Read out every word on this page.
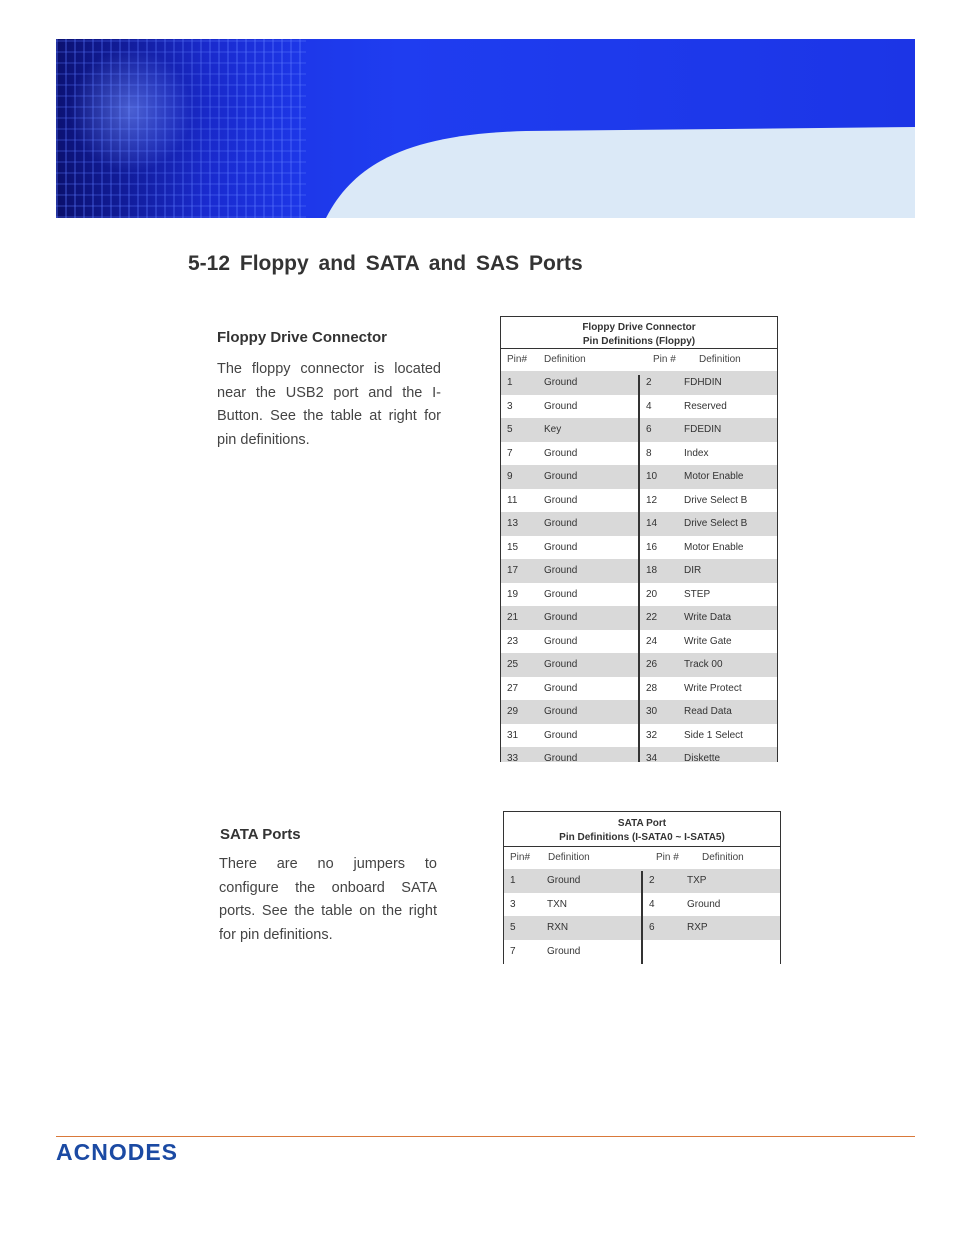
5-12 Floppy and SATA and SAS Ports
Floppy Drive Connector
The floppy connector is located near the USB2 port and the I-Button. See the table at right for pin definitions.
Floppy Drive Connector
Pin Definitions (Floppy)
Pin# Definition	Pin # Definition
1	Ground	2	FDHDIN
3	Ground	4	Reserved
5	Key	6	FDEDIN
7	Ground	8	Index
9	Ground	10	Motor Enable
11	Ground	12	Drive Select B
13	Ground	14	Drive Select B
15	Ground	16	Motor Enable
17	Ground	18	DIR
19	Ground	20	STEP
21	Ground	22	Write Data
23	Ground	24	Write Gate
25	Ground	26	Track 00
27	Ground	28	Write Protect
29	Ground	30	Read Data
31	Ground	32	Side 1 Select
33	Ground	34	Diskette
SATA Ports
There are no jumpers to configure the onboard SATA ports. See the table on the right for pin definitions.
SATA Port
Pin Definitions (I-SATA0 ~ I-SATA5)
Pin# Definition	Pin # Definition
1	Ground	2	TXP
3	TXN	4	Ground
5	RXN	6	RXP
7	Ground
ACNODES
